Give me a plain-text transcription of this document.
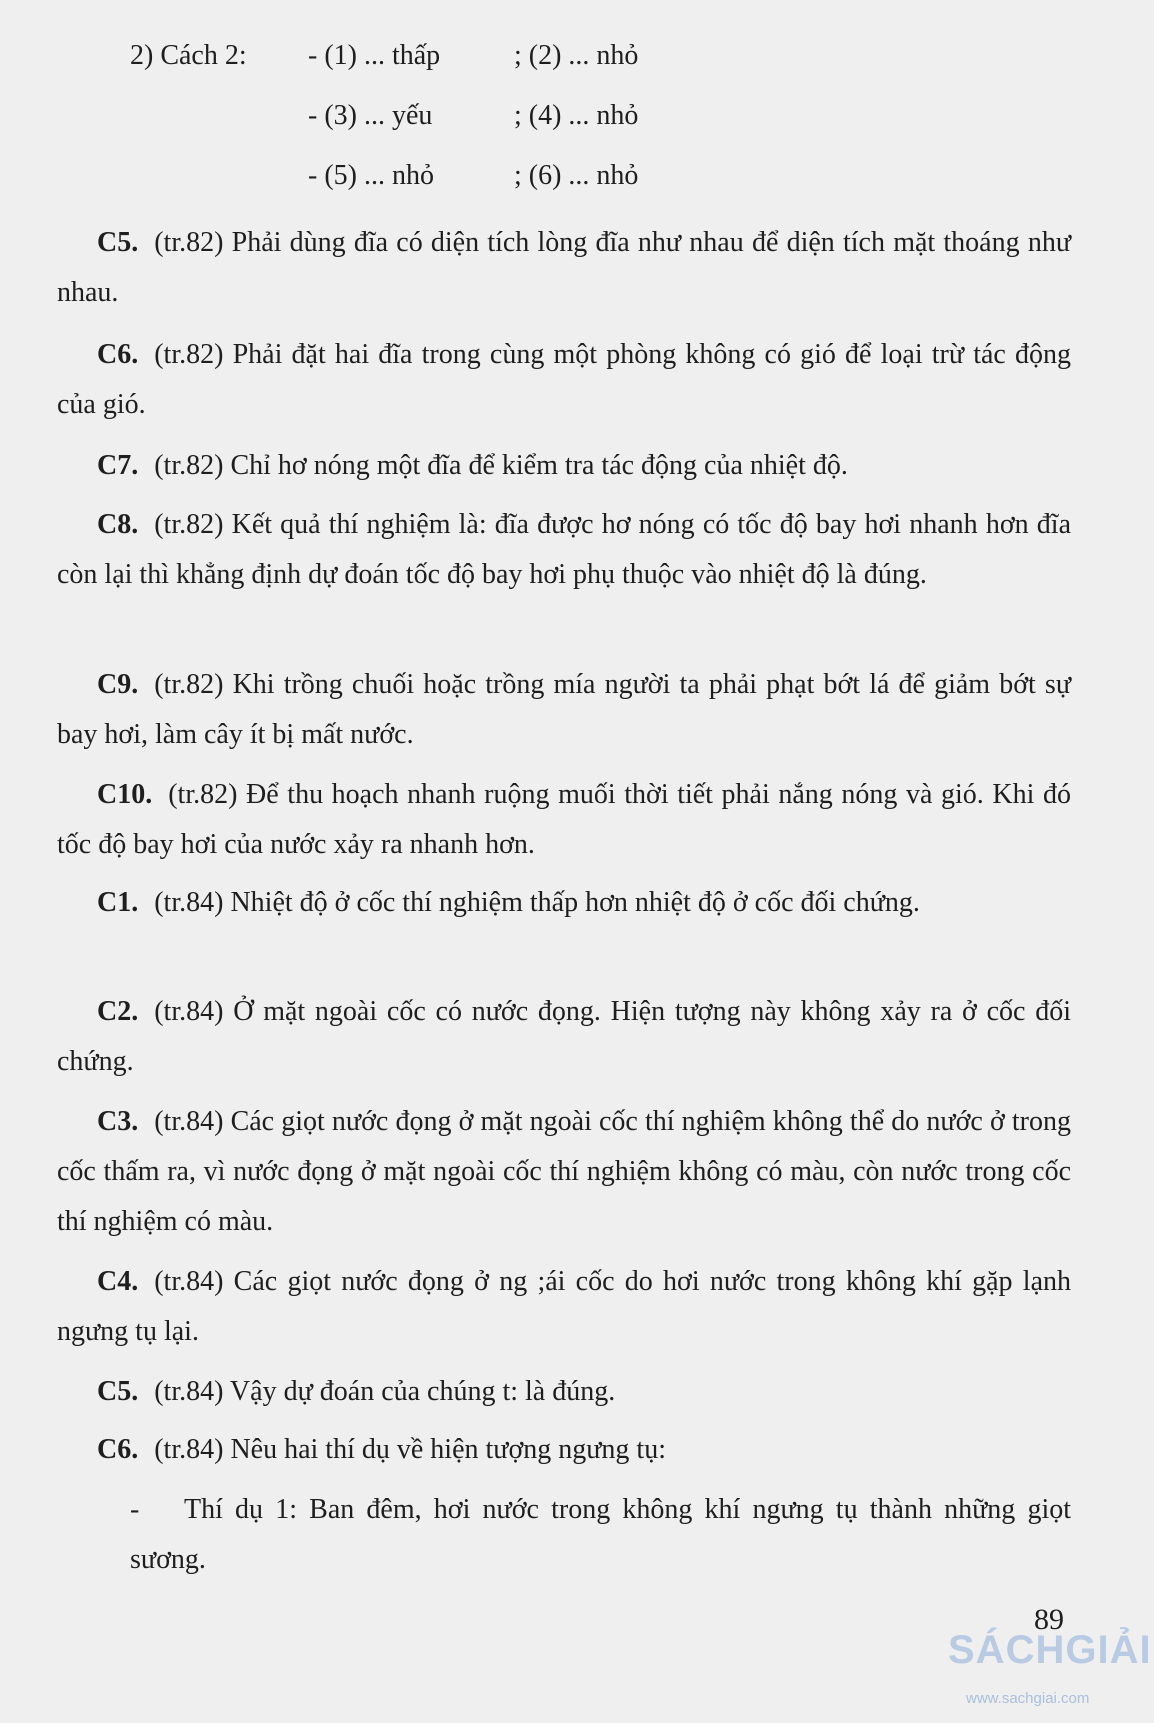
2) Cách 2: - (1) ... thấp	; (2) ... nhỏ
- (3) ... yếu	; (4) ... nhỏ
- (5) ... nhỏ	; (6) ... nhỏ
C5. (tr.82) Phải dùng đĩa có diện tích lòng đĩa như nhau để diện tích mặt thoáng như nhau.
C6. (tr.82) Phải đặt hai đĩa trong cùng một phòng không có gió để loại trừ tác động của gió.
C7. (tr.82) Chỉ hơ nóng một đĩa để kiểm tra tác động của nhiệt độ.
C8. (tr.82) Kết quả thí nghiệm là: đĩa được hơ nóng có tốc độ bay hơi nhanh hơn đĩa còn lại thì khẳng định dự đoán tốc độ bay hơi phụ thuộc vào nhiệt độ là đúng.
C9. (tr.82) Khi trồng chuối hoặc trồng mía người ta phải phạt bớt lá để giảm bớt sự bay hơi, làm cây ít bị mất nước.
C10. (tr.82) Để thu hoạch nhanh ruộng muối thời tiết phải nắng nóng và gió. Khi đó tốc độ bay hơi của nước xảy ra nhanh hơn.
C1. (tr.84) Nhiệt độ ở cốc thí nghiệm thấp hơn nhiệt độ ở cốc đối chứng.
C2. (tr.84) Ở mặt ngoài cốc có nước đọng. Hiện tượng này không xảy ra ở cốc đối chứng.
C3. (tr.84) Các giọt nước đọng ở mặt ngoài cốc thí nghiệm không thể do nước ở trong cốc thấm ra, vì nước đọng ở mặt ngoài cốc thí nghiệm không có màu, còn nước trong cốc thí nghiệm có màu.
C4. (tr.84) Các giọt nước đọng ở ng ;ái cốc do hơi nước trong không khí gặp lạnh ngưng tụ lại.
C5. (tr.84) Vậy dự đoán của chúng t: là đúng.
C6. (tr.84) Nêu hai thí dụ về hiện tượng ngưng tụ:
- Thí dụ 1: Ban đêm, hơi nước trong không khí ngưng tụ thành những giọt sương.
89
SÁCHGIẢI
www.sachgiai.com
